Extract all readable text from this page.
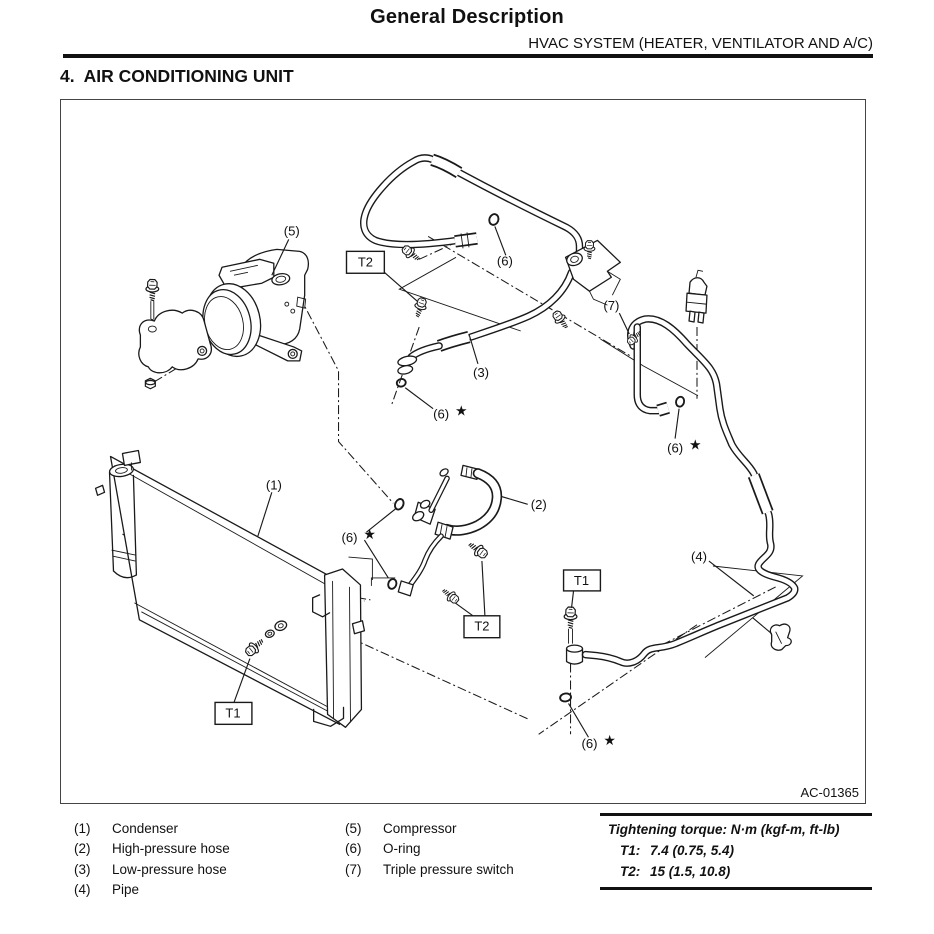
General Description
HVAC SYSTEM (HEATER, VENTILATOR AND A/C)
4.  AIR CONDITIONING UNIT
(5)
(3)
(6)
(6) ★
(7)
(6) ★
(2)
(6) ★
(4)
(1)
(6) ★
T2
T2
T1
T1
AC-01365
(1)	Condenser
(2)	High-pressure hose
(3)	Low-pressure hose
(4)	Pipe
(5)	Compressor
(6)	O-ring
(7)	Triple pressure switch
Tightening torque: N·m (kgf-m, ft-lb)
T1: 7.4 (0.75, 5.4)
T2: 15 (1.5, 10.8)
